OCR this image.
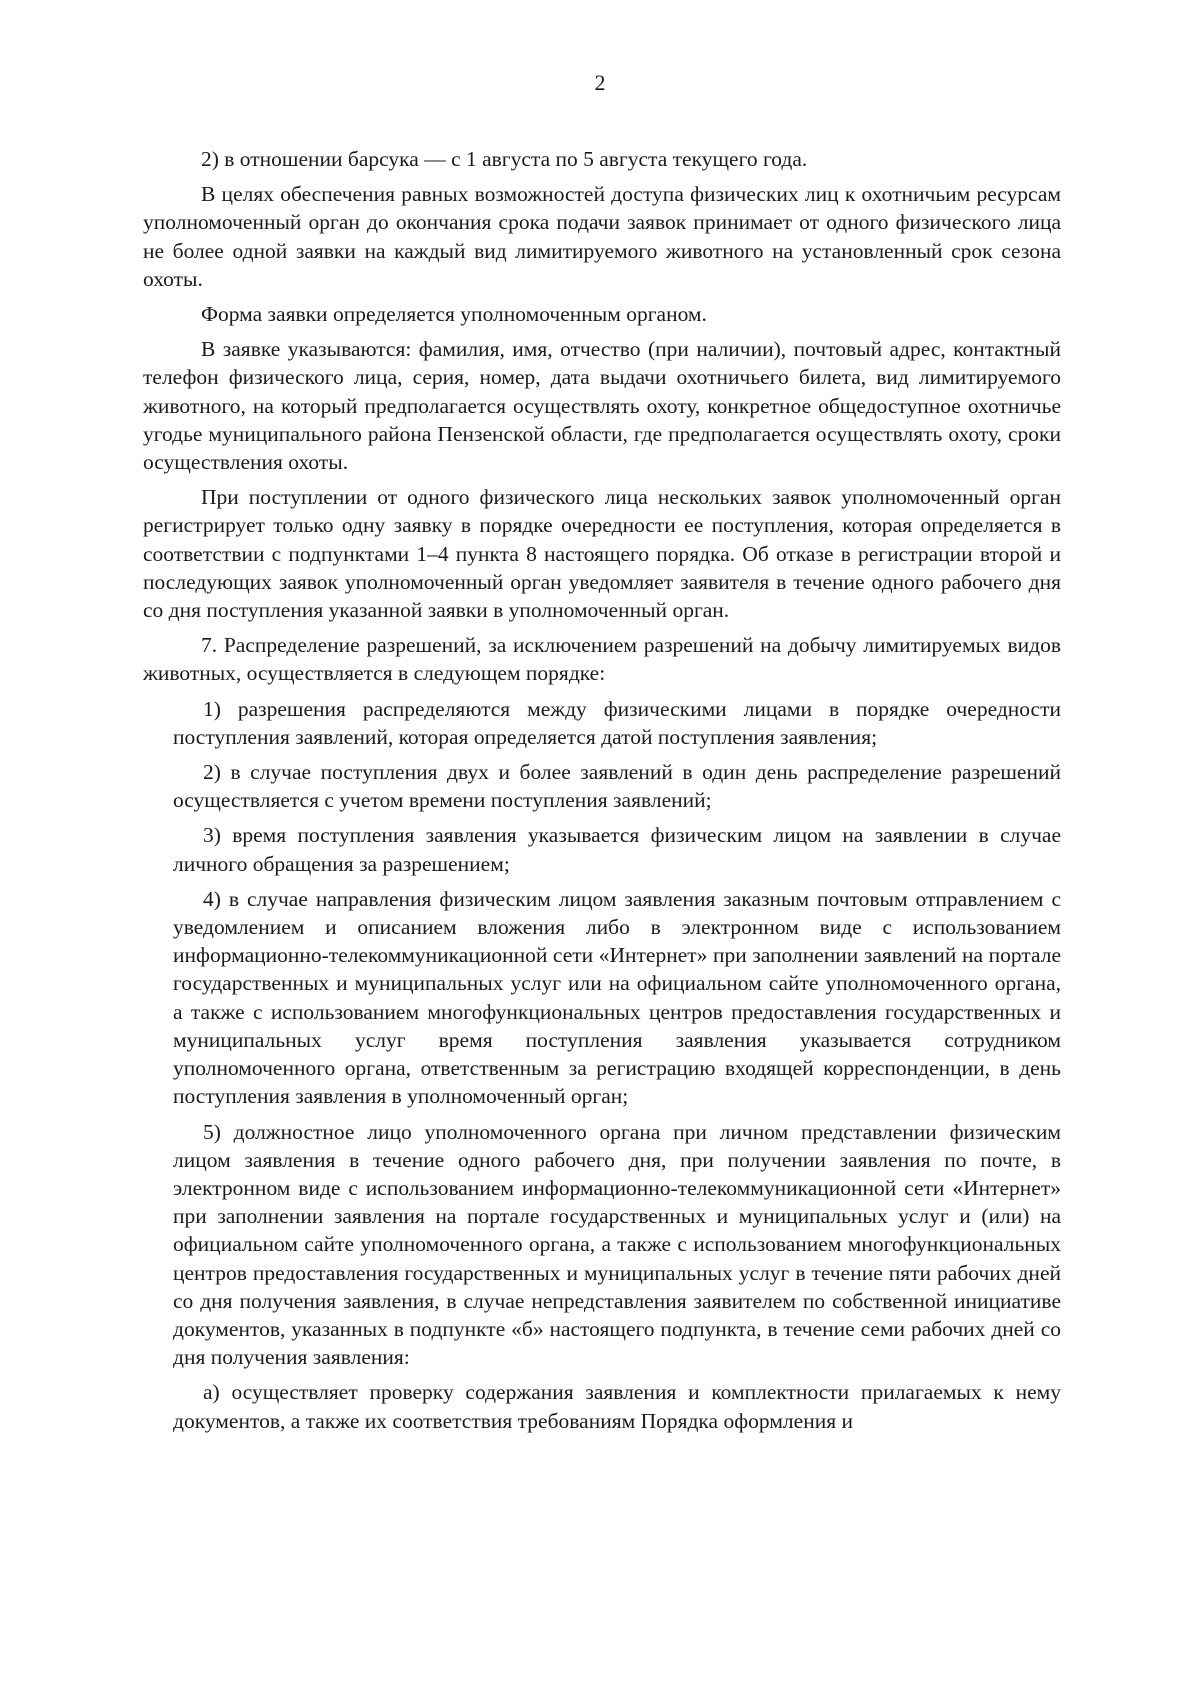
2

2) в отношении барсука — с 1 августа по 5 августа текущего года.

В целях обеспечения равных возможностей доступа физических лиц к охотничьим ресурсам уполномоченный орган до окончания срока подачи заявок принимает от одного физического лица не более одной заявки на каждый вид лимитируемого животного на установленный срок сезона охоты.

Форма заявки определяется уполномоченным органом.

В заявке указываются: фамилия, имя, отчество (при наличии), почтовый адрес, контактный телефон физического лица, серия, номер, дата выдачи охотничьего билета, вид лимитируемого животного, на который предполагается осуществлять охоту, конкретное общедоступное охотничье угодье муниципального района Пензенской области, где предполагается осуществлять охоту, сроки осуществления охоты.

При поступлении от одного физического лица нескольких заявок уполномоченный орган регистрирует только одну заявку в порядке очередности ее поступления, которая определяется в соответствии с подпунктами 1–4 пункта 8 настоящего порядка. Об отказе в регистрации второй и последующих заявок уполномоченный орган уведомляет заявителя в течение одного рабочего дня со дня поступления указанной заявки в уполномоченный орган.

7. Распределение разрешений, за исключением разрешений на добычу лимитируемых видов животных, осуществляется в следующем порядке:

1) разрешения распределяются между физическими лицами в порядке очередности поступления заявлений, которая определяется датой поступления заявления;

2) в случае поступления двух и более заявлений в один день распределение разрешений осуществляется с учетом времени поступления заявлений;

3) время поступления заявления указывается физическим лицом на заявлении в случае личного обращения за разрешением;

4) в случае направления физическим лицом заявления заказным почтовым отправлением с уведомлением и описанием вложения либо в электронном виде с использованием информационно-телекоммуникационной сети «Интернет» при заполнении заявлений на портале государственных и муниципальных услуг или на официальном сайте уполномоченного органа, а также с использованием многофункциональных центров предоставления государственных и муниципальных услуг время поступления заявления указывается сотрудником уполномоченного органа, ответственным за регистрацию входящей корреспонденции, в день поступления заявления в уполномоченный орган;

5) должностное лицо уполномоченного органа при личном представлении физическим лицом заявления в течение одного рабочего дня, при получении заявления по почте, в электронном виде с использованием информационно-телекоммуникационной сети «Интернет» при заполнении заявления на портале государственных и муниципальных услуг и (или) на официальном сайте уполномоченного органа, а также с использованием многофункциональных центров предоставления государственных и муниципальных услуг в течение пяти рабочих дней со дня получения заявления, в случае непредставления заявителем по собственной инициативе документов, указанных в подпункте «б» настоящего подпункта, в течение семи рабочих дней со дня получения заявления:

а) осуществляет проверку содержания заявления и комплектности прилагаемых к нему документов, а также их соответствия требованиям Порядка оформления и
